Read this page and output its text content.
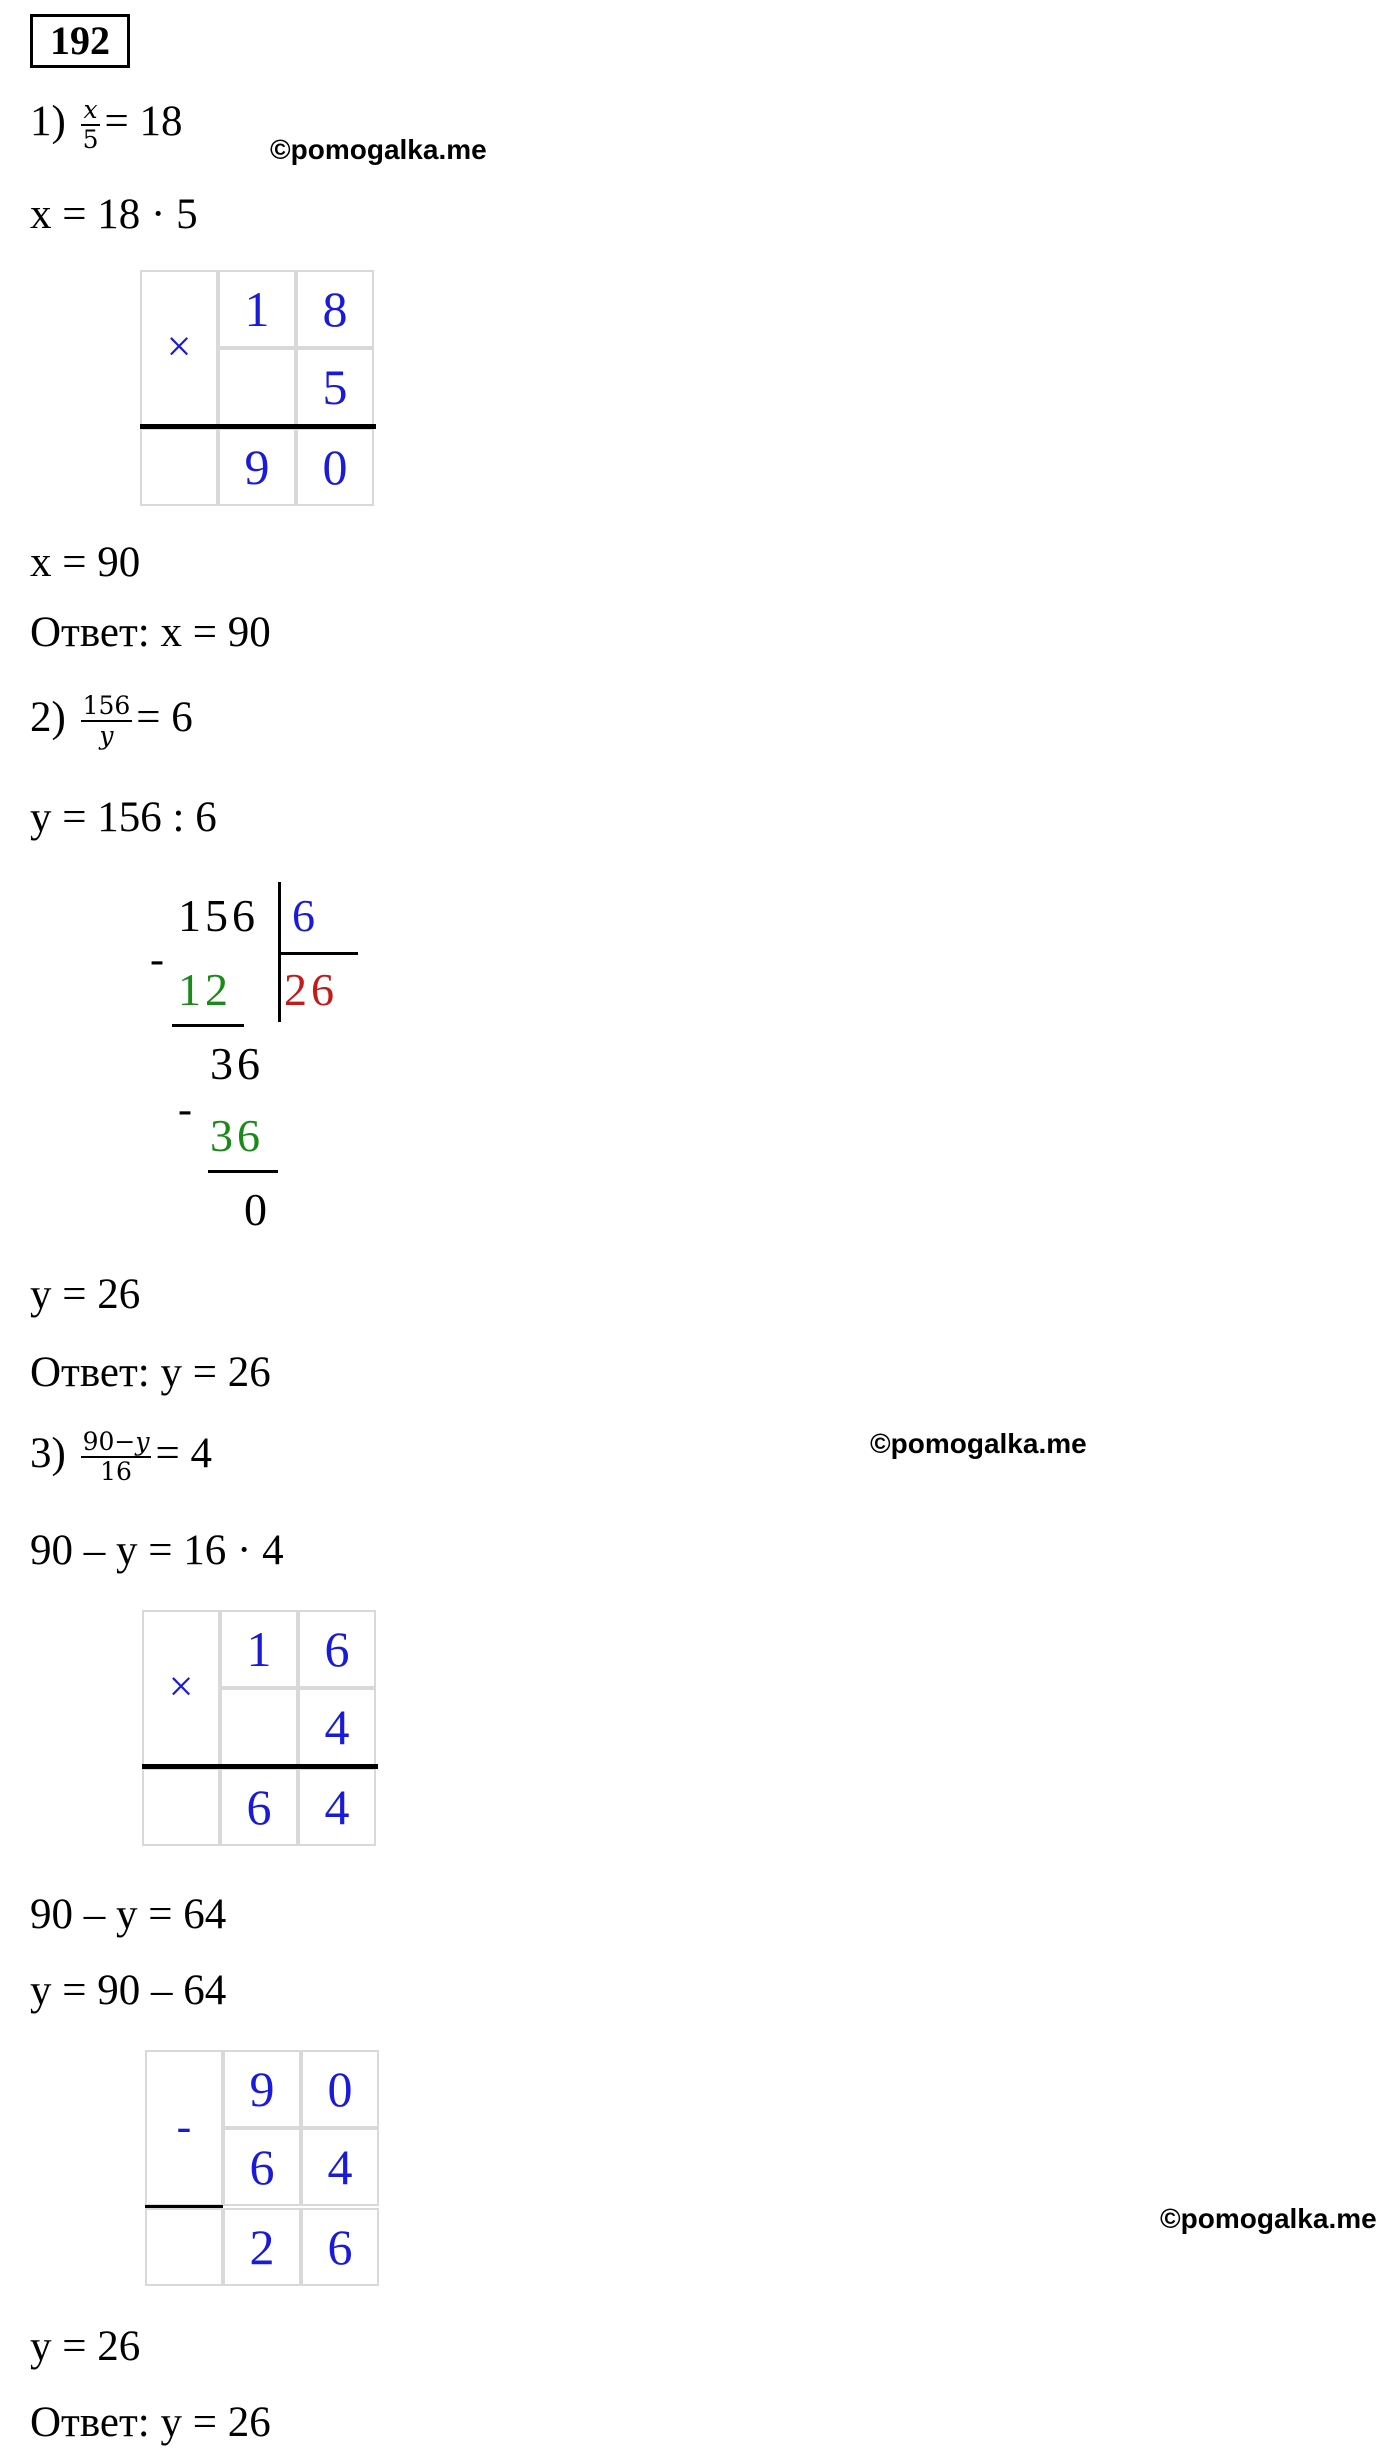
192
$1) \frac{x}{5} = 18$
©pomogalka.me
x = 18 · 5
×
1	8
5
9	0
x = 90
Ответ: x = 90
$2) \frac{156}{y} = 6$
y = 156 : 6
156 6
26
-
12
36
- 36
0
y = 26
Ответ: y = 26
$3) \frac{90-y}{16} = 4$	©pomogalka.me
90 – y = 16 · 4
×
1	6
4
6	4
90 – y = 64
y = 90 – 64
-
9	0
6	4
2	6
©pomogalka.me
y = 26
Ответ: y = 26
